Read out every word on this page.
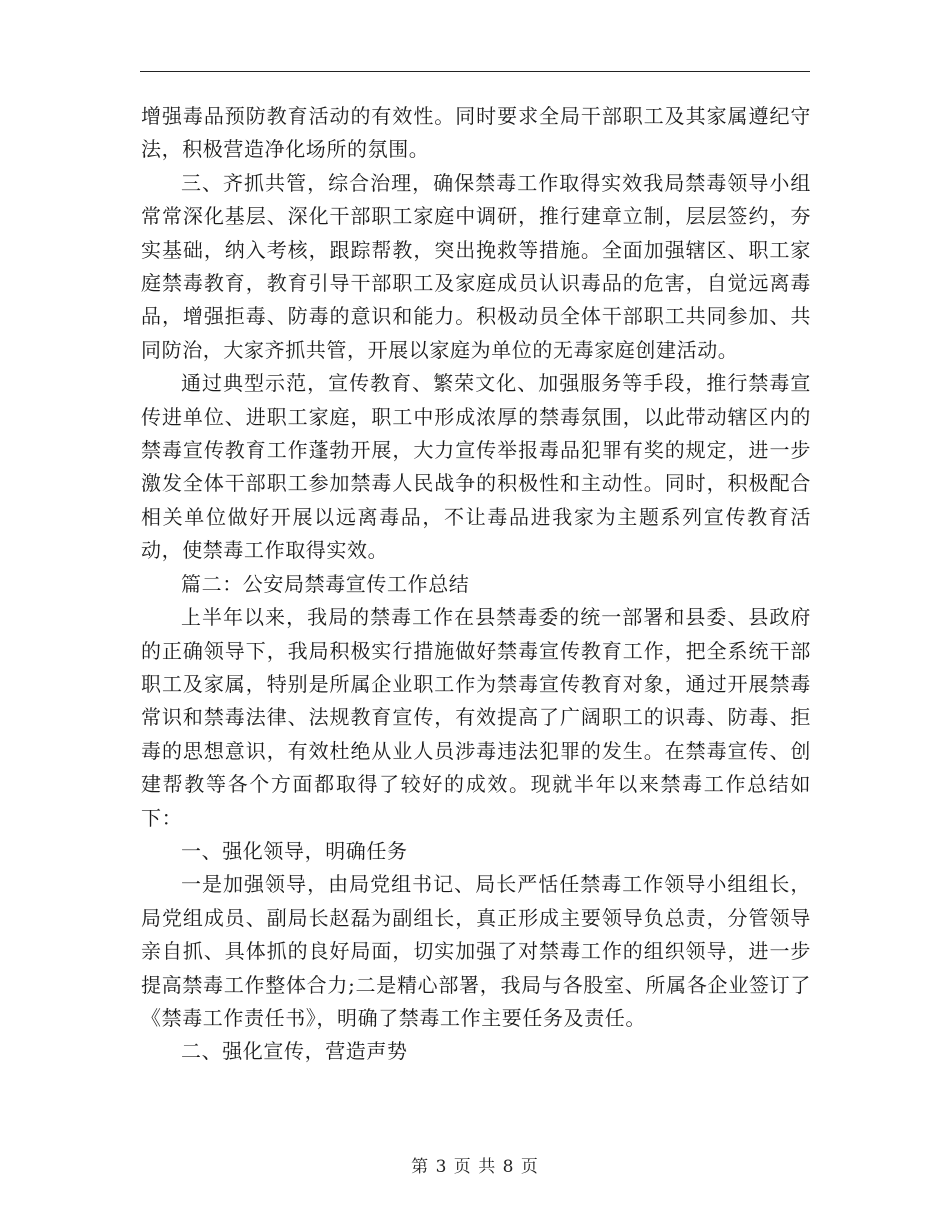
增强毒品预防教育活动的有效性。同时要求全局干部职工及其家属遵纪守法，积极营造净化场所的氛围。

三、齐抓共管，综合治理，确保禁毒工作取得实效我局禁毒领导小组常常深化基层、深化干部职工家庭中调研，推行建章立制，层层签约，夯实基础，纳入考核，跟踪帮教，突出挽救等措施。全面加强辖区、职工家庭禁毒教育，教育引导干部职工及家庭成员认识毒品的危害，自觉远离毒品，增强拒毒、防毒的意识和能力。积极动员全体干部职工共同参加、共同防治，大家齐抓共管，开展以家庭为单位的无毒家庭创建活动。

通过典型示范，宣传教育、繁荣文化、加强服务等手段，推行禁毒宣传进单位、进职工家庭，职工中形成浓厚的禁毒氛围，以此带动辖区内的禁毒宣传教育工作蓬勃开展，大力宣传举报毒品犯罪有奖的规定，进一步激发全体干部职工参加禁毒人民战争的积极性和主动性。同时，积极配合相关单位做好开展以远离毒品，不让毒品进我家为主题系列宣传教育活动，使禁毒工作取得实效。

篇二：公安局禁毒宣传工作总结

上半年以来，我局的禁毒工作在县禁毒委的统一部署和县委、县政府的正确领导下，我局积极实行措施做好禁毒宣传教育工作，把全系统干部职工及家属，特别是所属企业职工作为禁毒宣传教育对象，通过开展禁毒常识和禁毒法律、法规教育宣传，有效提高了广阔职工的识毒、防毒、拒毒的思想意识，有效杜绝从业人员涉毒违法犯罪的发生。在禁毒宣传、创建帮教等各个方面都取得了较好的成效。现就半年以来禁毒工作总结如下：

一、强化领导，明确任务

一是加强领导，由局党组书记、局长严恬任禁毒工作领导小组组长，局党组成员、副局长赵磊为副组长，真正形成主要领导负总责，分管领导亲自抓、具体抓的良好局面，切实加强了对禁毒工作的组织领导，进一步提高禁毒工作整体合力;二是精心部署，我局与各股室、所属各企业签订了《禁毒工作责任书》，明确了禁毒工作主要任务及责任。

二、强化宣传，营造声势

第 3 页 共 8 页
